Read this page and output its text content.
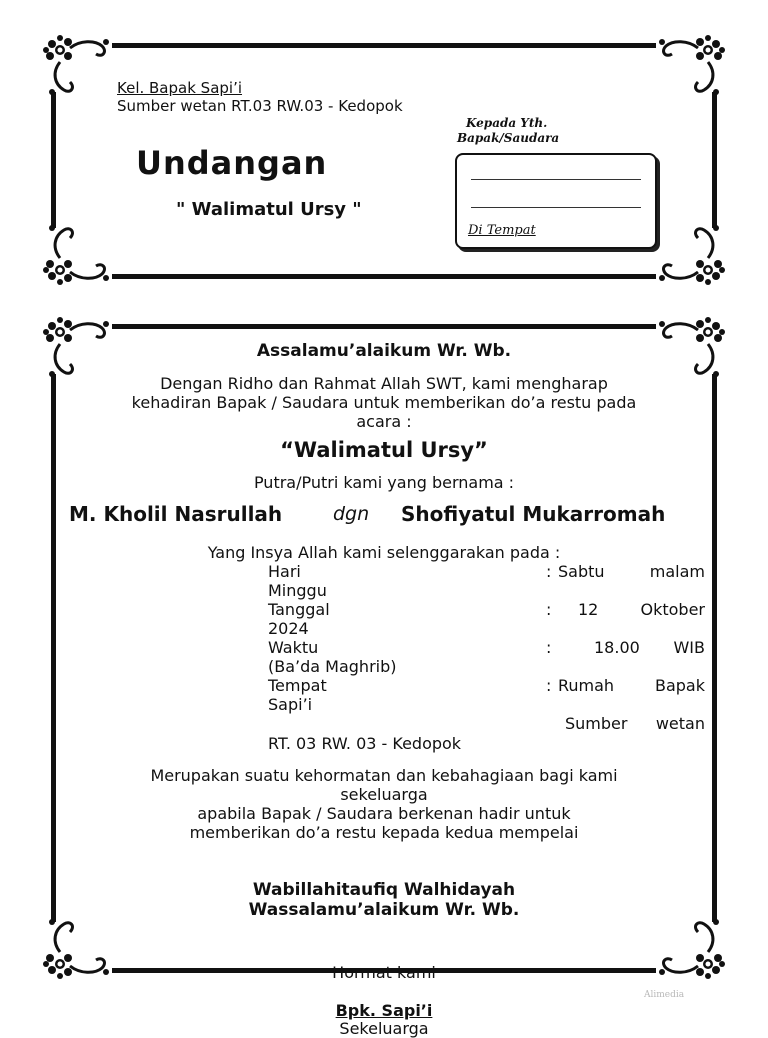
Kel. Bapak Sapi’i
Sumber wetan RT.03 RW.03 - Kedopok
Undangan
" Walimatul Ursy "
Kepada Yth.
Bapak/Saudara
Di Tempat
Assalamu’alaikum Wr. Wb.
Dengan Ridho dan Rahmat Allah SWT, kami mengharap
kehadiran Bapak / Saudara untuk memberikan do’a restu pada
acara :
“Walimatul Ursy”
Putra/Putri kami yang bernama :
M. Kholil Nasrullah	dgn Shofiyatul Mukarromah
Yang Insya Allah kami selenggarakan pada :
Hari	: Sabtu malam
Minggu
Tanggal	: 12 Oktober
2024
Waktu	:	18.00 WIB
(Ba’da Maghrib)
Tempat	: Rumah Bapak
Sapi’i
Sumber wetan
RT. 03 RW. 03 - Kedopok
Merupakan suatu kehormatan dan kebahagiaan bagi kami
sekeluarga
apabila Bapak / Saudara berkenan hadir untuk
memberikan do’a restu kepada kedua mempelai
Wabillahitaufiq Walhidayah
Wassalamu’alaikum Wr. Wb.
Hormat kami
Bpk. Sapi’i
Sekeluarga
Alimedia
